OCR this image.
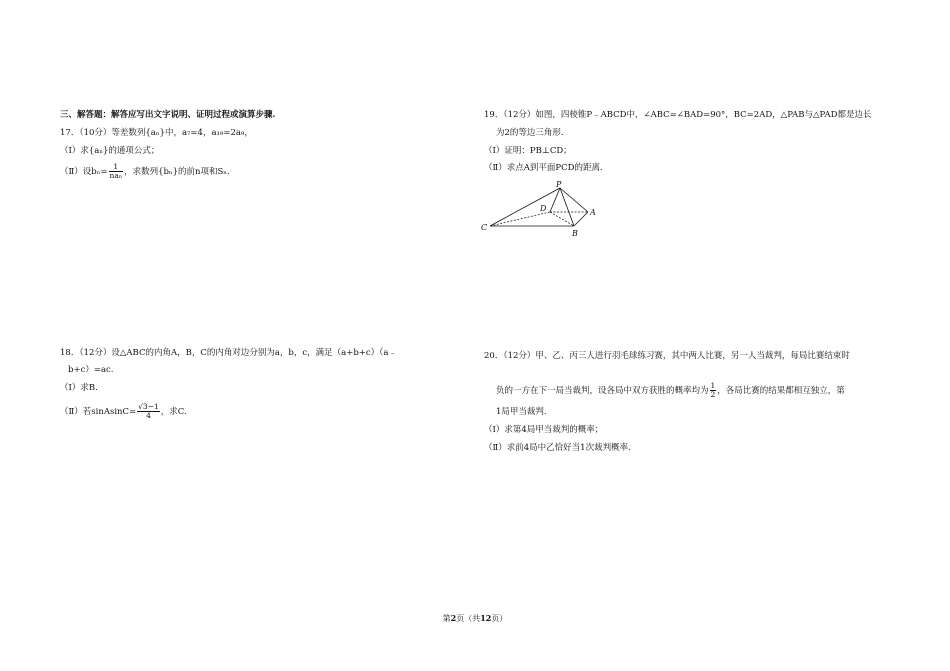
三、解答题：解答应写出文字说明、证明过程或演算步骤.
17．（10分）等差数列{aₙ}中，a₇=4，a₁₉=2a₉，
（Ⅰ）求{aₙ}的通项公式；
（Ⅱ）设$b_n= \frac{1}{\text{naₙ}}$ ，求数列{bₙ}的前n项和Sₙ.
18．（12分）设△ABC的内角A，B，C的内角对边分别为a，b，c，满足（a+b+c）（a﹣
b+c）=ac.
（Ⅰ）求B.
（Ⅱ）若sinAsinC= $\frac{√3-1}{4}$ ，求C.
19．（12分）如图，四棱锥P﹣ABCD中，∠ABC=∠BAD=90°，BC=2AD，△PAB与△PAD都是边长
为2的等边三角形.
（Ⅰ）证明：PB⊥CD；
（Ⅱ）求点A到平面PCD的距离.
P
D	A
C
B
20．（12分）甲、乙、丙三人进行羽毛球练习赛，其中两人比赛，另一人当裁判，每局比赛结束时
负的一方在下一局当裁判，设各局中双方获胜的概率均为 $\frac{1}{2}$ ，各局比赛的结果都相互独立，第
1局甲当裁判.
（Ⅰ）求第4局甲当裁判的概率；
（Ⅱ）求前4局中乙恰好当1次裁判概率.
第2页（共12页）
